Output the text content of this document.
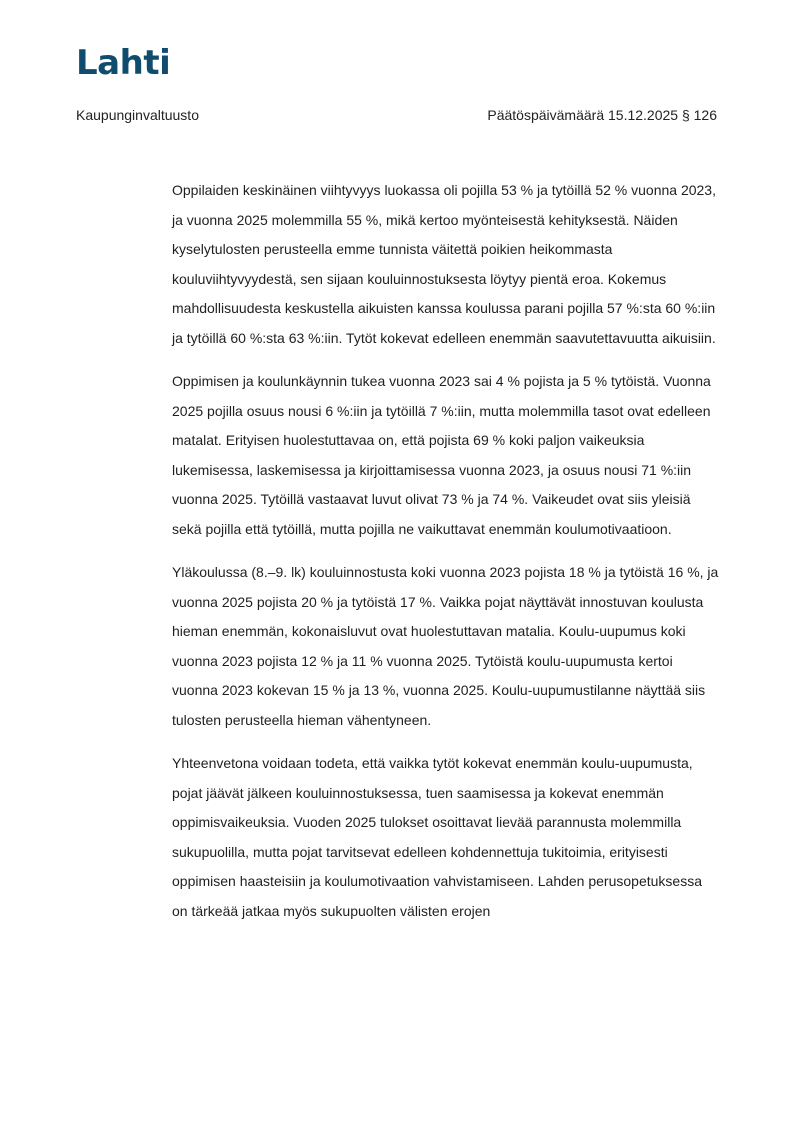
Lahti
Kaupunginvaltuusto	Päätöspäivämäärä 15.12.2025 § 126

Oppilaiden keskinäinen viihtyvyys luokassa oli pojilla 53 % ja tytöillä 52 % vuonna 2023, ja vuonna 2025 molemmilla 55 %, mikä kertoo myönteisestä kehityksestä. Näiden kyselytulosten perusteella emme tunnista väitettä poikien heikommasta kouluviihtyvyydestä, sen sijaan kouluinnostuksesta löytyy pientä eroa. Kokemus mahdollisuudesta keskustella aikuisten kanssa koulussa parani pojilla 57 %:sta 60 %:iin ja tytöillä 60 %:sta 63 %:iin. Tytöt kokevat edelleen enemmän saavutettavuutta aikuisiin.

Oppimisen ja koulunkäynnin tukea vuonna 2023 sai 4 % pojista ja 5 % tytöistä. Vuonna 2025 pojilla osuus nousi 6 %:iin ja tytöillä 7 %:iin, mutta molemmilla tasot ovat edelleen matalat. Erityisen huolestuttavaa on, että pojista 69 % koki paljon vaikeuksia lukemisessa, laskemisessa ja kirjoittamisessa vuonna 2023, ja osuus nousi 71 %:iin vuonna 2025. Tytöillä vastaavat luvut olivat 73 % ja 74 %. Vaikeudet ovat siis yleisiä sekä pojilla että tytöillä, mutta pojilla ne vaikuttavat enemmän koulumotivaatioon.

Yläkoulussa (8.–9. lk) kouluinnostusta koki vuonna 2023 pojista 18 % ja tytöistä 16 %, ja vuonna 2025 pojista 20 % ja tytöistä 17 %. Vaikka pojat näyttävät innostuvan koulusta hieman enemmän, kokonaisluvut ovat huolestuttavan matalia. Koulu-uupumus koki vuonna 2023 pojista 12 % ja 11 % vuonna 2025. Tytöistä koulu-uupumusta kertoi vuonna 2023 kokevan 15 % ja 13 %, vuonna 2025. Koulu-uupumustilanne näyttää siis tulosten perusteella hieman vähentyneen.

Yhteenvetona voidaan todeta, että vaikka tytöt kokevat enemmän koulu-uupumusta, pojat jäävät jälkeen kouluinnostuksessa, tuen saamisessa ja kokevat enemmän oppimisvaikeuksia. Vuoden 2025 tulokset osoittavat lievää parannusta molemmilla sukupuolilla, mutta pojat tarvitsevat edelleen kohdennettuja tukitoimia, erityisesti oppimisen haasteisiin ja koulumotivaation vahvistamiseen. Lahden perusopetuksessa on tärkeää jatkaa myös sukupuolten välisten erojen
